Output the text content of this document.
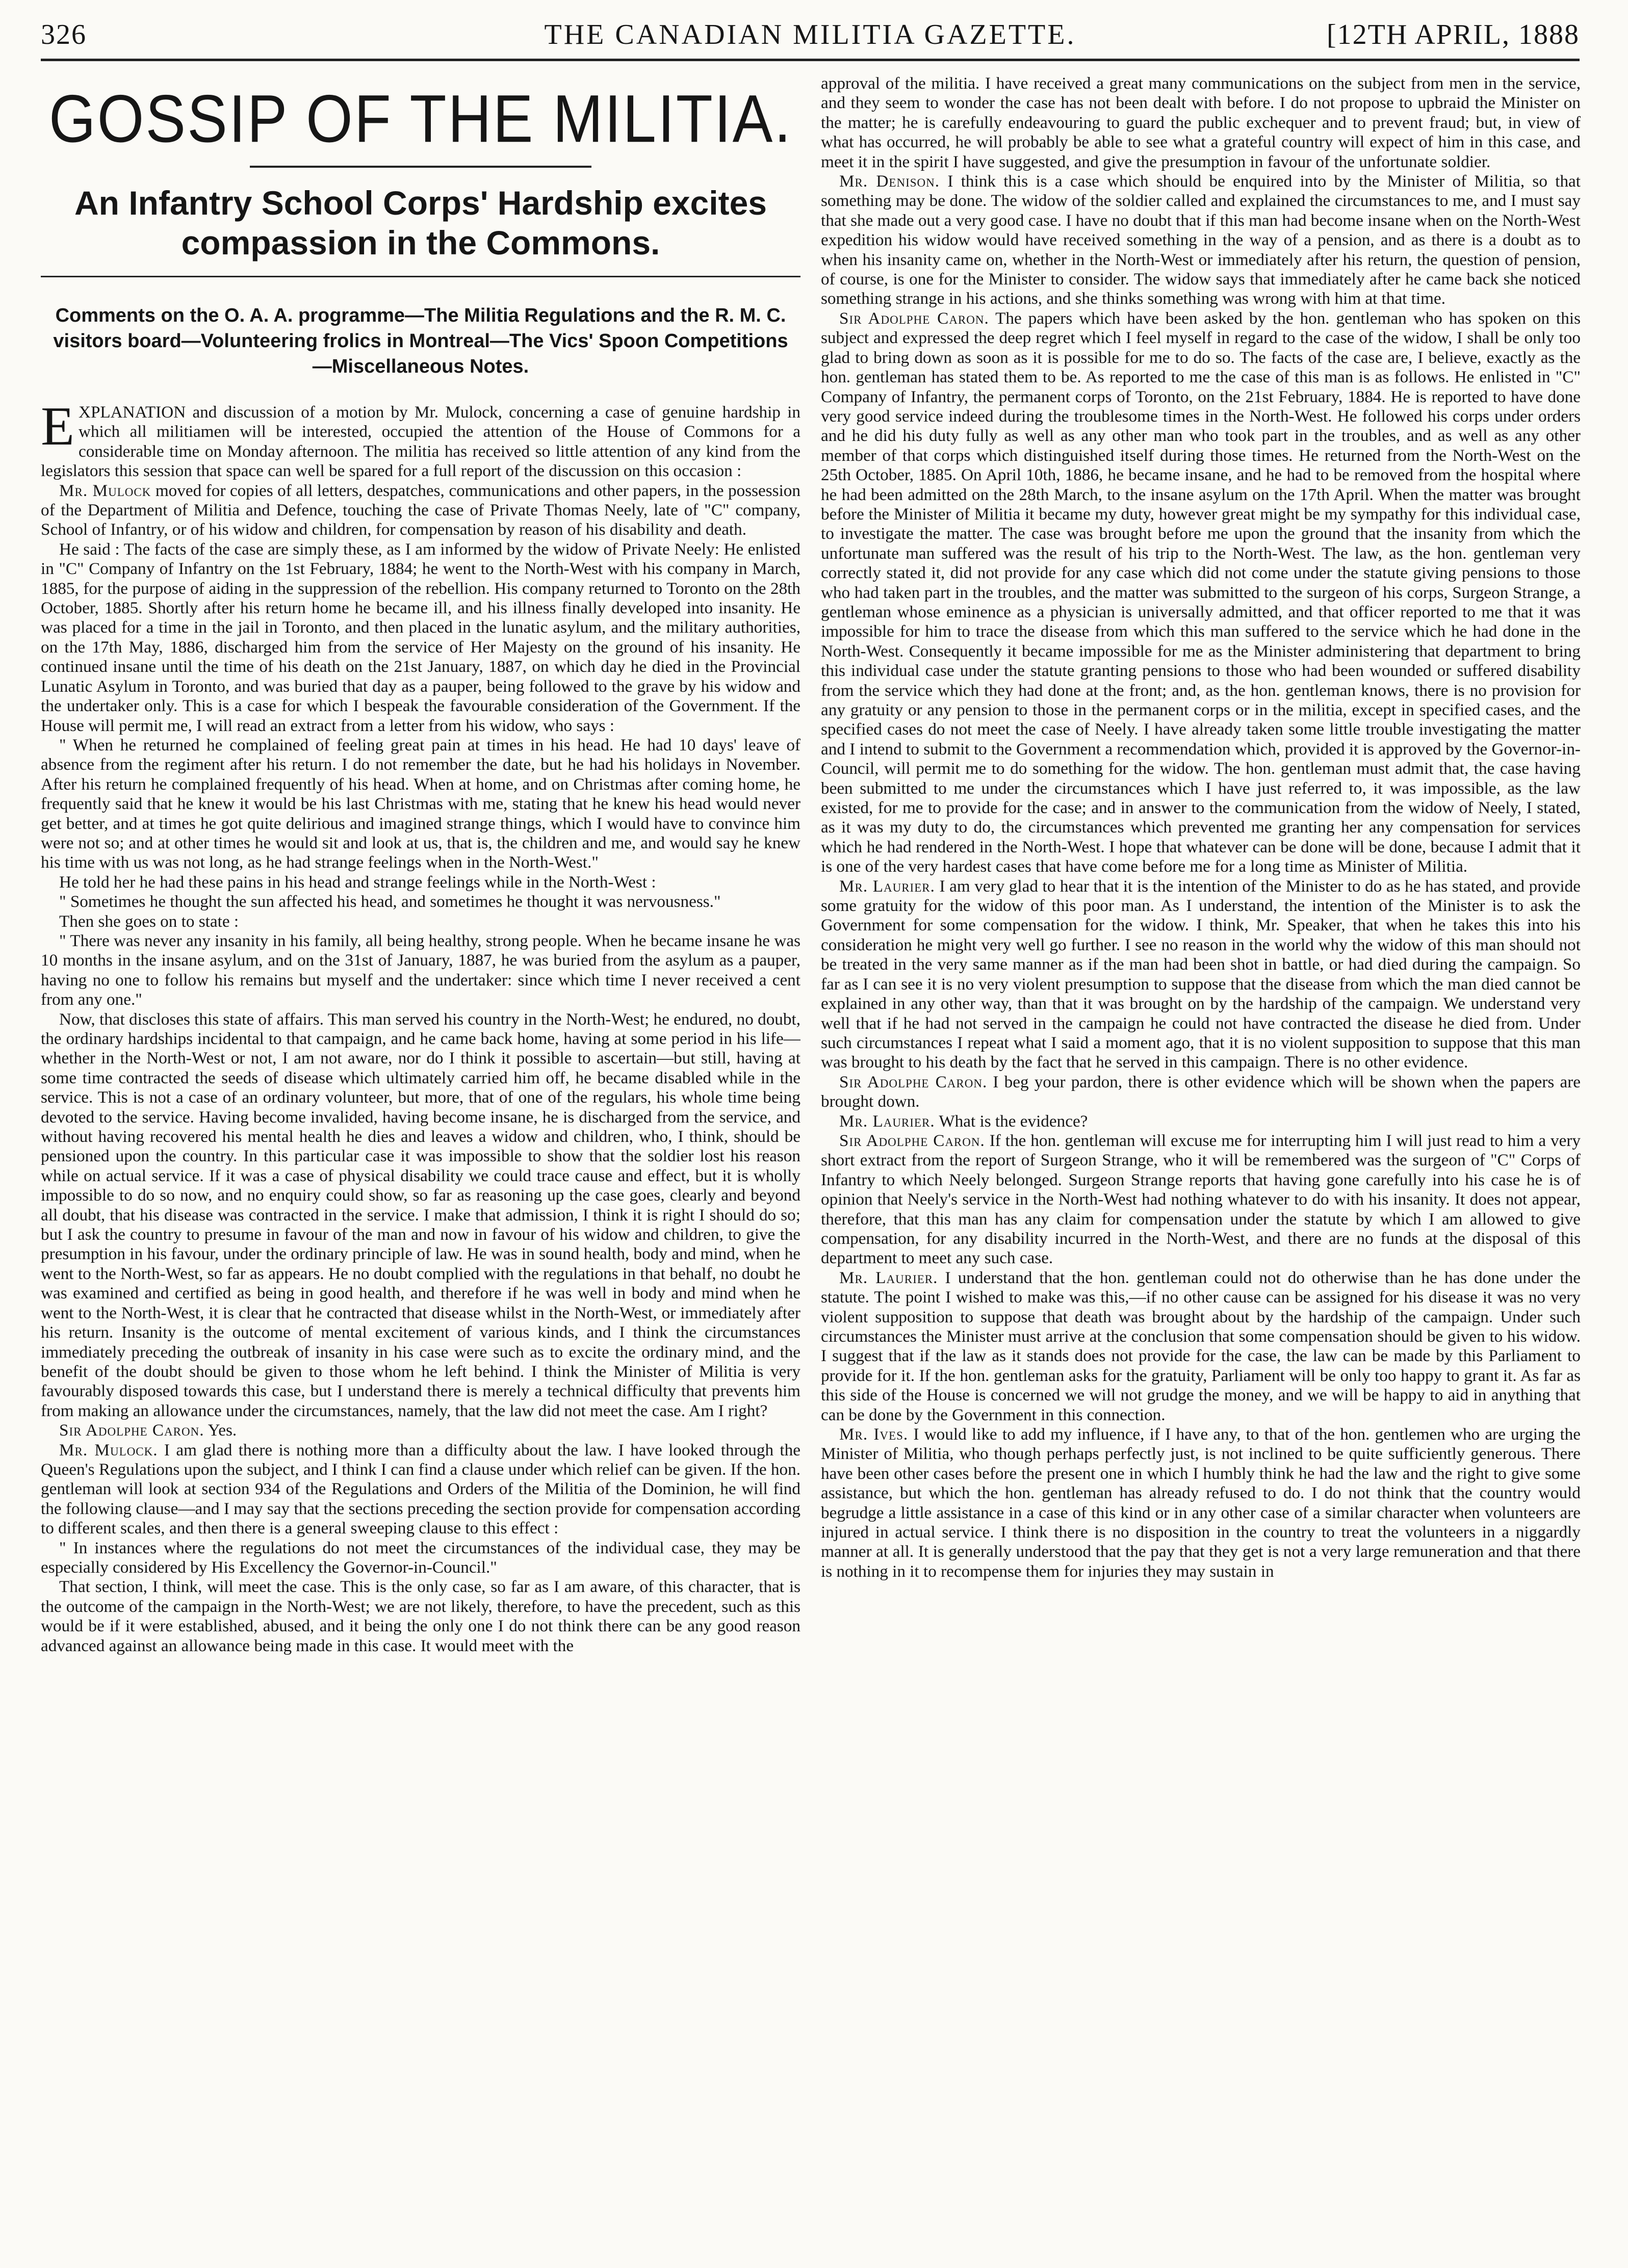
326	THE CANADIAN MILITIA GAZETTE.	[12TH APRIL, 1888
GOSSIP OF THE MILITIA.
An Infantry School Corps' Hardship excites compassion in the Commons.
Comments on the O. A. A. programme—The Militia Regulations and the R. M. C. visitors board—Volunteering frolics in Montreal—The Vics' Spoon Competitions—Miscellaneous Notes.

EXPLANATION and discussion of a motion by Mr. Mulock, concerning a case of genuine hardship in which all militiamen will be interested, occupied the attention of the House of Commons for a considerable time on Monday afternoon. The militia has received so little attention of any kind from the legislators this session that space can well be spared for a full report of the discussion on this occasion :

Mr. Mulock moved for copies of all letters, despatches, communications and other papers, in the possession of the Department of Militia and Defence, touching the case of Private Thomas Neely, late of "C" company, School of Infantry, or of his widow and children, for compensation by reason of his disability and death.

He said : The facts of the case are simply these, as I am informed by the widow of Private Neely: He enlisted in "C" Company of Infantry on the 1st February, 1884; he went to the North-West with his company in March, 1885, for the purpose of aiding in the suppression of the rebellion. His company returned to Toronto on the 28th October, 1885. Shortly after his return home he became ill, and his illness finally developed into insanity. He was placed for a time in the jail in Toronto, and then placed in the lunatic asylum, and the military authorities, on the 17th May, 1886, discharged him from the service of Her Majesty on the ground of his insanity. He continued insane until the time of his death on the 21st January, 1887, on which day he died in the Provincial Lunatic Asylum in Toronto, and was buried that day as a pauper, being followed to the grave by his widow and the undertaker only. This is a case for which I bespeak the favourable consideration of the Government. If the House will permit me, I will read an extract from a letter from his widow, who says :

" When he returned he complained of feeling great pain at times in his head. He had 10 days' leave of absence from the regiment after his return. I do not remember the date, but he had his holidays in November. After his return he complained frequently of his head. When at home, and on Christmas after coming home, he frequently said that he knew it would be his last Christmas with me, stating that he knew his head would never get better, and at times he got quite delirious and imagined strange things, which I would have to convince him were not so; and at other times he would sit and look at us, that is, the children and me, and would say he knew his time with us was not long, as he had strange feelings when in the North-West."

He told her he had these pains in his head and strange feelings while in the North-West :

" Sometimes he thought the sun affected his head, and sometimes he thought it was nervousness."

Then she goes on to state :

" There was never any insanity in his family, all being healthy, strong people. When he became insane he was 10 months in the insane asylum, and on the 31st of January, 1887, he was buried from the asylum as a pauper, having no one to follow his remains but myself and the undertaker: since which time I never received a cent from any one."

Now, that discloses this state of affairs. This man served his country in the North-West; he endured, no doubt, the ordinary hardships incidental to that campaign, and he came back home, having at some period in his life—whether in the North-West or not, I am not aware, nor do I think it possible to ascertain—but still, having at some time contracted the seeds of disease which ultimately carried him off, he became disabled while in the service. This is not a case of an ordinary volunteer, but more, that of one of the regulars, his whole time being devoted to the service. Having become invalided, having become insane, he is discharged from the service, and without having recovered his mental health he dies and leaves a widow and children, who, I think, should be pensioned upon the country. In this particular case it was impossible to show that the soldier lost his reason while on actual service. If it was a case of physical disability we could trace cause and effect, but it is wholly impossible to do so now, and no enquiry could show, so far as reasoning up the case goes, clearly and beyond all doubt, that his disease was contracted in the service. I make that admission, I think it is right I should do so; but I ask the country to presume in favour of the man and now in favour of his widow and children, to give the presumption in his favour, under the ordinary principle of law. He was in sound health, body and mind, when he went to the North-West, so far as appears. He no doubt complied with the regulations in that behalf, no doubt he was examined and certified as being in good health, and therefore if he was well in body and mind when he went to the North-West, it is clear that he contracted that disease whilst in the North-West, or immediately after his return. Insanity is the outcome of mental excitement of various kinds, and I think the circumstances immediately preceding the outbreak of insanity in his case were such as to excite the ordinary mind, and the benefit of the doubt should be given to those whom he left behind. I think the Minister of Militia is very favourably disposed towards this case, but I understand there is merely a technical difficulty that prevents him from making an allowance under the circumstances, namely, that the law did not meet the case. Am I right?

Sir Adolphe Caron. Yes.

Mr. Mulock. I am glad there is nothing more than a difficulty about the law. I have looked through the Queen's Regulations upon the subject, and I think I can find a clause under which relief can be given. If the hon. gentleman will look at section 934 of the Regulations and Orders of the Militia of the Dominion, he will find the following clause—and I may say that the sections preceding the section provide for compensation according to different scales, and then there is a general sweeping clause to this effect :

" In instances where the regulations do not meet the circumstances of the individual case, they may be especially considered by His Excellency the Governor-in-Council."

That section, I think, will meet the case. This is the only case, so far as I am aware, of this character, that is the outcome of the campaign in the North-West; we are not likely, therefore, to have the precedent, such as this would be if it were established, abused, and it being the only one I do not think there can be any good reason advanced against an allowance being made in this case. It would meet with the

approval of the militia. I have received a great many communications on the subject from men in the service, and they seem to wonder the case has not been dealt with before. I do not propose to upbraid the Minister on the matter; he is carefully endeavouring to guard the public exchequer and to prevent fraud; but, in view of what has occurred, he will probably be able to see what a grateful country will expect of him in this case, and meet it in the spirit I have suggested, and give the presumption in favour of the unfortunate soldier.

Mr. Denison. I think this is a case which should be enquired into by the Minister of Militia, so that something may be done. The widow of the soldier called and explained the circumstances to me, and I must say that she made out a very good case. I have no doubt that if this man had become insane when on the North-West expedition his widow would have received something in the way of a pension, and as there is a doubt as to when his insanity came on, whether in the North-West or immediately after his return, the question of pension, of course, is one for the Minister to consider. The widow says that immediately after he came back she noticed something strange in his actions, and she thinks something was wrong with him at that time.

Sir Adolphe Caron. The papers which have been asked by the hon. gentleman who has spoken on this subject and expressed the deep regret which I feel myself in regard to the case of the widow, I shall be only too glad to bring down as soon as it is possible for me to do so. The facts of the case are, I believe, exactly as the hon. gentleman has stated them to be. As reported to me the case of this man is as follows. He enlisted in "C" Company of Infantry, the permanent corps of Toronto, on the 21st February, 1884. He is reported to have done very good service indeed during the troublesome times in the North-West. He followed his corps under orders and he did his duty fully as well as any other man who took part in the troubles, and as well as any other member of that corps which distinguished itself during those times. He returned from the North-West on the 25th October, 1885. On April 10th, 1886, he became insane, and he had to be removed from the hospital where he had been admitted on the 28th March, to the insane asylum on the 17th April. When the matter was brought before the Minister of Militia it became my duty, however great might be my sympathy for this individual case, to investigate the matter. The case was brought before me upon the ground that the insanity from which the unfortunate man suffered was the result of his trip to the North-West. The law, as the hon. gentleman very correctly stated it, did not provide for any case which did not come under the statute giving pensions to those who had taken part in the troubles, and the matter was submitted to the surgeon of his corps, Surgeon Strange, a gentleman whose eminence as a physician is universally admitted, and that officer reported to me that it was impossible for him to trace the disease from which this man suffered to the service which he had done in the North-West. Consequently it became impossible for me as the Minister administering that department to bring this individual case under the statute granting pensions to those who had been wounded or suffered disability from the service which they had done at the front; and, as the hon. gentleman knows, there is no provision for any gratuity or any pension to those in the permanent corps or in the militia, except in specified cases, and the specified cases do not meet the case of Neely. I have already taken some little trouble investigating the matter and I intend to submit to the Government a recommendation which, provided it is approved by the Governor-in-Council, will permit me to do something for the widow. The hon. gentleman must admit that, the case having been submitted to me under the circumstances which I have just referred to, it was impossible, as the law existed, for me to provide for the case; and in answer to the communication from the widow of Neely, I stated, as it was my duty to do, the circumstances which prevented me granting her any compensation for services which he had rendered in the North-West. I hope that whatever can be done will be done, because I admit that it is one of the very hardest cases that have come before me for a long time as Minister of Militia.

Mr. Laurier. I am very glad to hear that it is the intention of the Minister to do as he has stated, and provide some gratuity for the widow of this poor man. As I understand, the intention of the Minister is to ask the Government for some compensation for the widow. I think, Mr. Speaker, that when he takes this into his consideration he might very well go further. I see no reason in the world why the widow of this man should not be treated in the very same manner as if the man had been shot in battle, or had died during the campaign. So far as I can see it is no very violent presumption to suppose that the disease from which the man died cannot be explained in any other way, than that it was brought on by the hardship of the campaign. We understand very well that if he had not served in the campaign he could not have contracted the disease he died from. Under such circumstances I repeat what I said a moment ago, that it is no violent supposition to suppose that this man was brought to his death by the fact that he served in this campaign. There is no other evidence.

Sir Adolphe Caron. I beg your pardon, there is other evidence which will be shown when the papers are brought down.

Mr. Laurier. What is the evidence?

Sir Adolphe Caron. If the hon. gentleman will excuse me for interrupting him I will just read to him a very short extract from the report of Surgeon Strange, who it will be remembered was the surgeon of "C" Corps of Infantry to which Neely belonged. Surgeon Strange reports that having gone carefully into his case he is of opinion that Neely's service in the North-West had nothing whatever to do with his insanity. It does not appear, therefore, that this man has any claim for compensation under the statute by which I am allowed to give compensation, for any disability incurred in the North-West, and there are no funds at the disposal of this department to meet any such case.

Mr. Laurier. I understand that the hon. gentleman could not do otherwise than he has done under the statute. The point I wished to make was this,—if no other cause can be assigned for his disease it was no very violent supposition to suppose that death was brought about by the hardship of the campaign. Under such circumstances the Minister must arrive at the conclusion that some compensation should be given to his widow. I suggest that if the law as it stands does not provide for the case, the law can be made by this Parliament to provide for it. If the hon. gentleman asks for the gratuity, Parliament will be only too happy to grant it. As far as this side of the House is concerned we will not grudge the money, and we will be happy to aid in anything that can be done by the Government in this connection.

Mr. Ives. I would like to add my influence, if I have any, to that of the hon. gentlemen who are urging the Minister of Militia, who though perhaps perfectly just, is not inclined to be quite sufficiently generous. There have been other cases before the present one in which I humbly think he had the law and the right to give some assistance, but which the hon. gentleman has already refused to do. I do not think that the country would begrudge a little assistance in a case of this kind or in any other case of a similar character when volunteers are injured in actual service. I think there is no disposition in the country to treat the volunteers in a niggardly manner at all. It is generally understood that the pay that they get is not a very large remuneration and that there is nothing in it to recompense them for injuries they may sustain in
